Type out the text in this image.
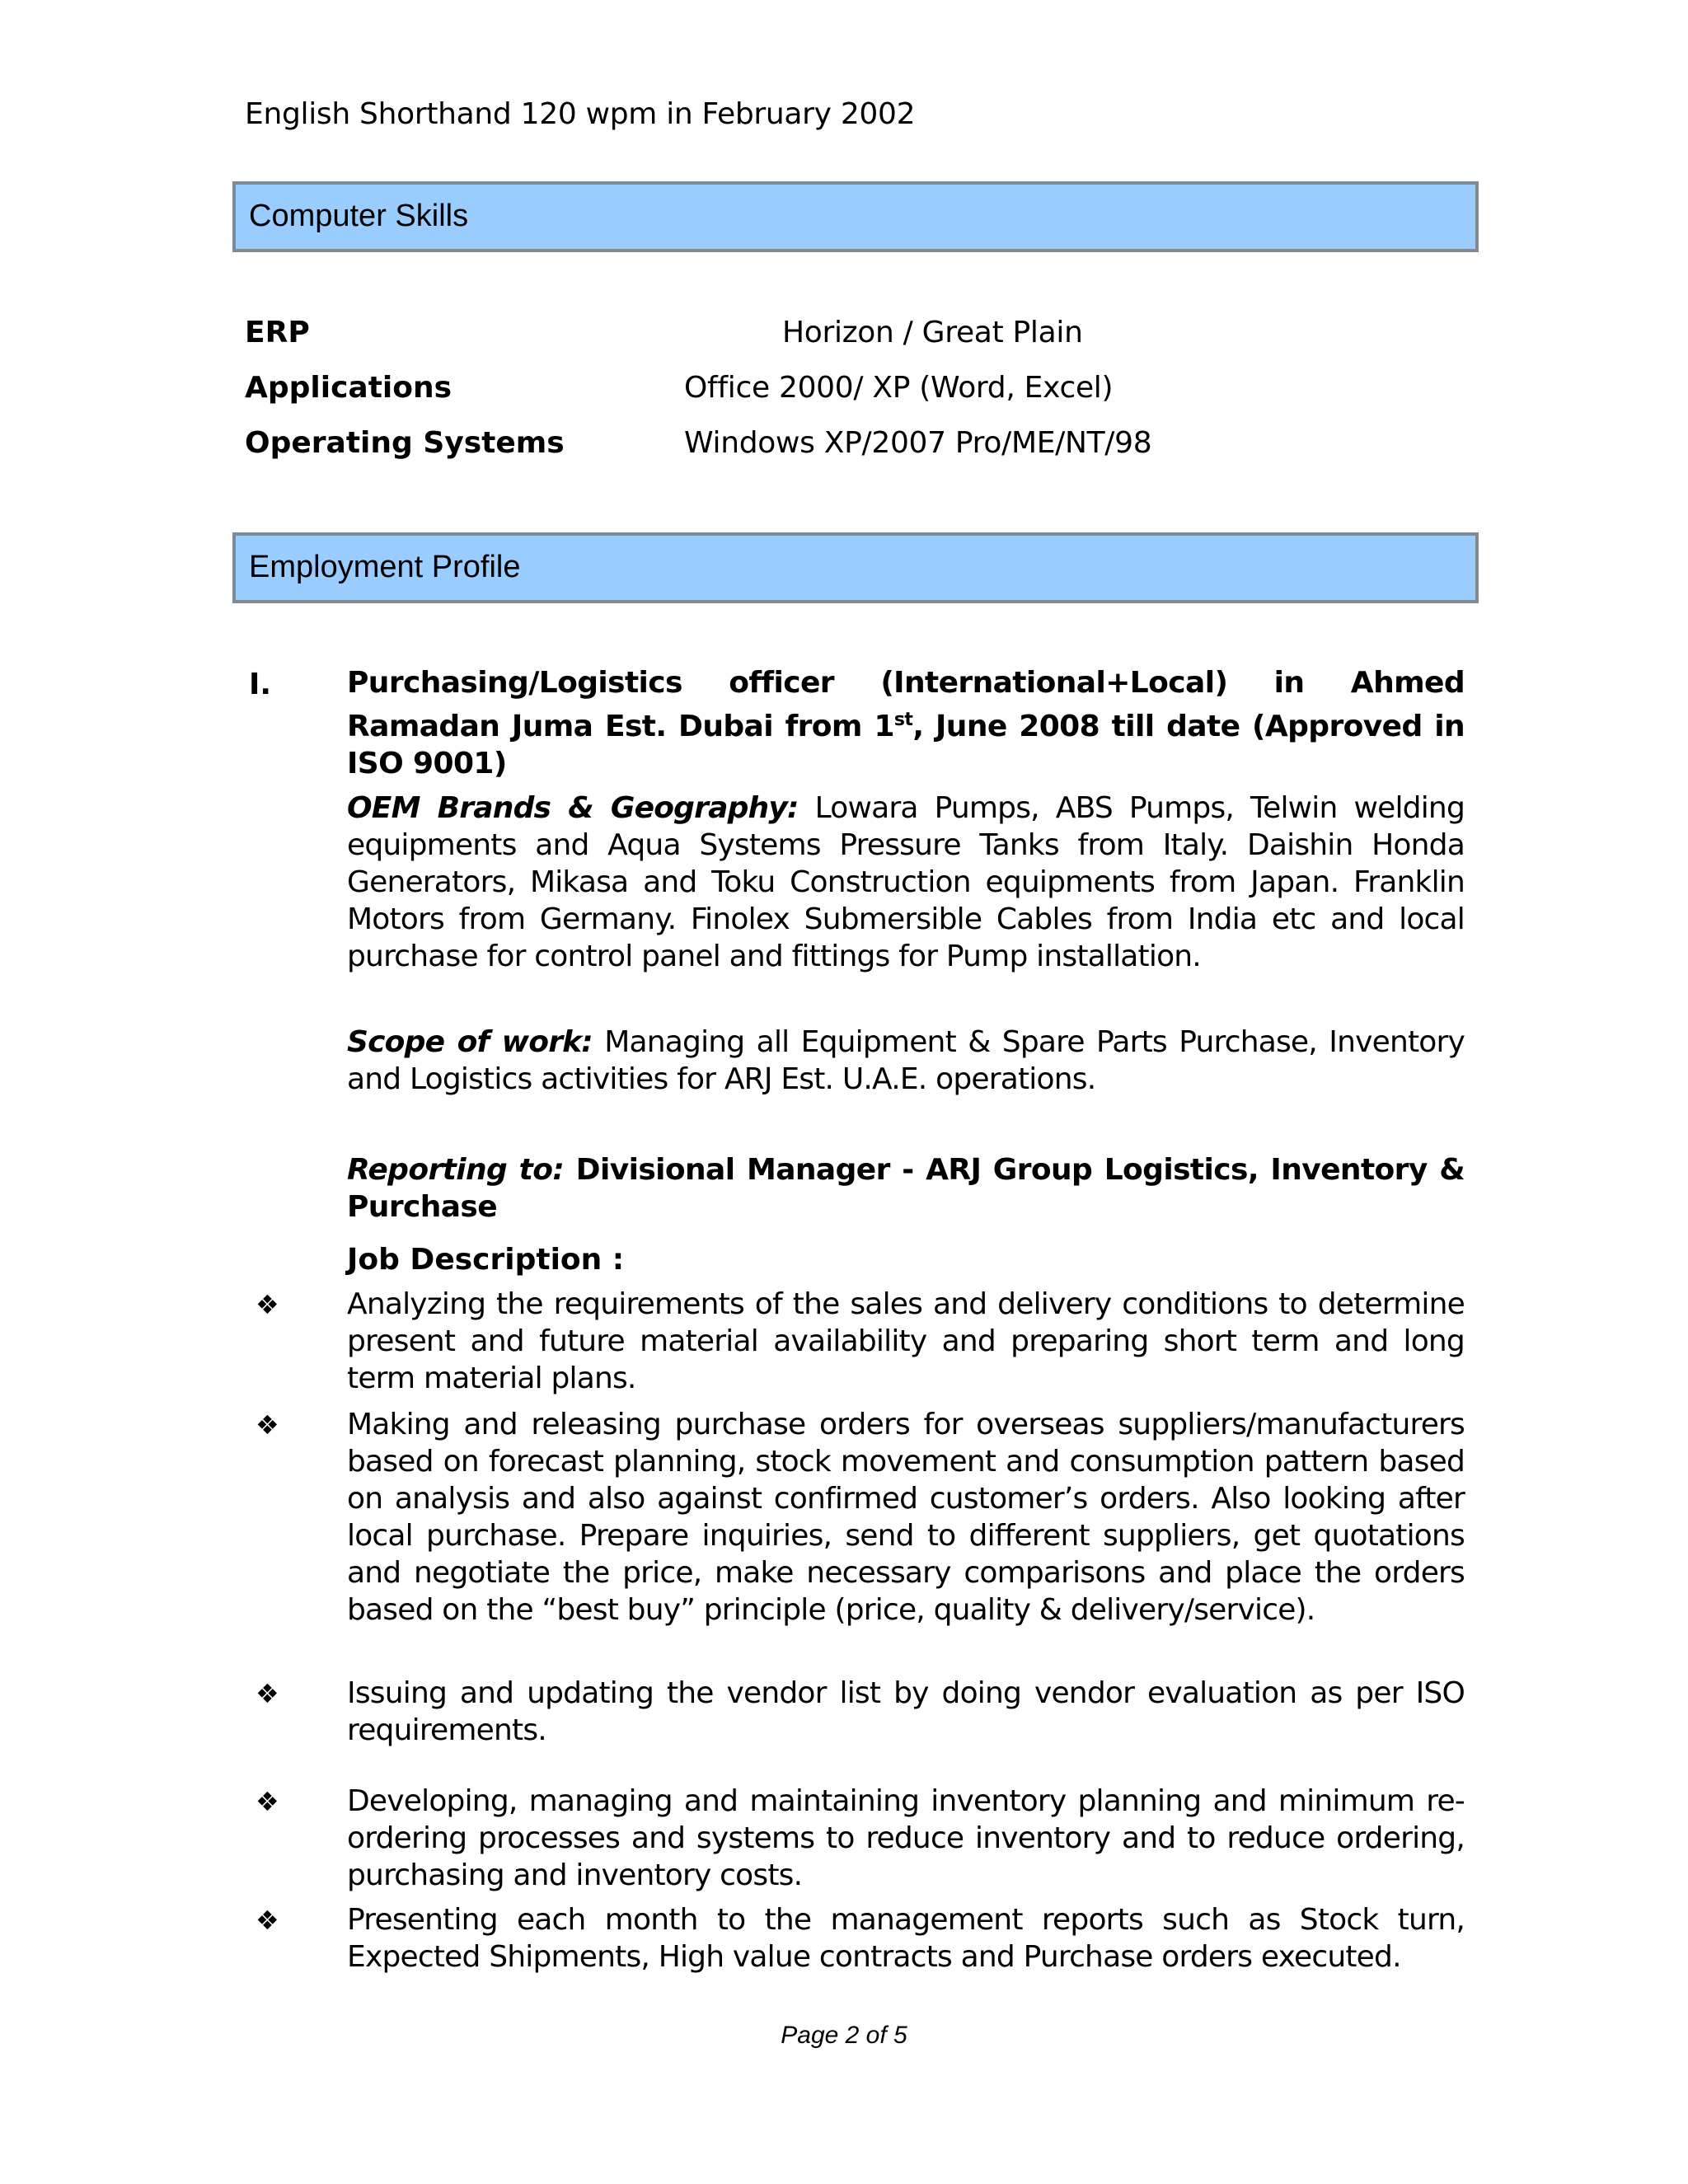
English Shorthand 120 wpm in February 2002
Computer Skills
ERP	Horizon / Great Plain
Applications	Office 2000/ XP (Word, Excel)
Operating Systems	Windows XP/2007 Pro/ME/NT/98
Employment Profile
I.	Purchasing/Logistics officer (International+Local) in Ahmed Ramadan Juma Est. Dubai from 1st, June 2008 till date (Approved in ISO 9001)
OEM Brands & Geography: Lowara Pumps, ABS Pumps, Telwin welding equipments and Aqua Systems Pressure Tanks from Italy. Daishin Honda Generators, Mikasa and Toku Construction equipments from Japan. Franklin Motors from Germany. Finolex Submersible Cables from India etc and local purchase for control panel and fittings for Pump installation.
Scope of work: Managing all Equipment & Spare Parts Purchase, Inventory and Logistics activities for ARJ Est. U.A.E. operations.
Reporting to: Divisional Manager - ARJ Group Logistics, Inventory & Purchase
Job Description :
❖ Analyzing the requirements of the sales and delivery conditions to determine present and future material availability and preparing short term and long term material plans.
❖ Making and releasing purchase orders for overseas suppliers/manufacturers based on forecast planning, stock movement and consumption pattern based on analysis and also against confirmed customer’s orders. Also looking after local purchase. Prepare inquiries, send to different suppliers, get quotations and negotiate the price, make necessary comparisons and place the orders based on the “best buy” principle (price, quality & delivery/service).
❖ Issuing and updating the vendor list by doing vendor evaluation as per ISO requirements.
❖ Developing, managing and maintaining inventory planning and minimum re-ordering processes and systems to reduce inventory and to reduce ordering, purchasing and inventory costs.
❖ Presenting each month to the management reports such as Stock turn, Expected Shipments, High value contracts and Purchase orders executed.
Page 2 of 5
